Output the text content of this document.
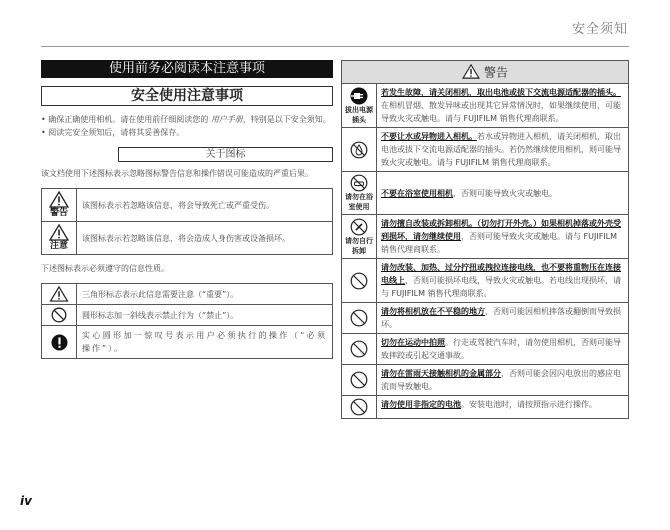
安全须知
使用前务必阅读本注意事项
安全使用注意事项
• 确保正确使用相机。请在使用前仔细阅读您的 用户手册，特别是以下安全须知。
• 阅读完安全须知后，请将其妥善保存。
关于图标
该文档使用下述图标表示忽略图标警告信息和操作错误可能造成的严重后果。
警告	该图标表示若忽略该信息，将会导致死亡或严重受伤。

注意	该图标表示若忽略该信息，将会造成人身伤害或设备损坏。
下述图标表示必须遵守的信息性质。
	三角形标志表示此信息需要注意（“重要”）。

	圆形标志加一斜线表示禁止行为（“禁止”）。

	实心圆形加一惊叹号表示用户必须执行的操作（“必须操作”）。
警告
拔出电源插头	若发生故障，请关闭相机，取出电池或拔下交流电源适配器的插头。在相机冒烟、散发异味或出现其它异常情况时，如果继续使用，可能导致火灾或触电。请与 FUJIFILM 销售代理商联系。

	不要让水或异物进入相机。若水或异物进入相机，请关闭相机，取出电池或拔下交流电源适配器的插头。若仍然继续使用相机，则可能导致火灾或触电。请与 FUJIFILM 销售代理商联系。

请勿在浴室使用	不要在浴室使用相机，否则可能导致火灾或触电。

请勿自行拆卸	请勿擅自改装或拆卸相机。（切勿打开外壳。）如果相机掉落或外壳受到损坏，请勿继续使用，否则可能导致火灾或触电。请与 FUJIFILM 销售代理商联系。

	请勿改装、加热、过分拧扭或拽拉连接电线，也不要将重物压在连接电线上，否则可能损坏电线，导致火灾或触电。若电线出现损坏，请与 FUJIFILM 销售代理商联系。

	请勿将相机放在不平稳的地方，否则可能因相机摔落或翻倒而导致损坏。

	切勿在运动中拍照。行走或驾驶汽车时，请勿使用相机，否则可能导致摔跤或引起交通事故。

	请勿在雷雨天接触相机的金属部分，否则可能会因闪电放出的感应电流而导致触电。

	请勿使用非指定的电池。安装电池时，请按照指示进行操作。
iv
